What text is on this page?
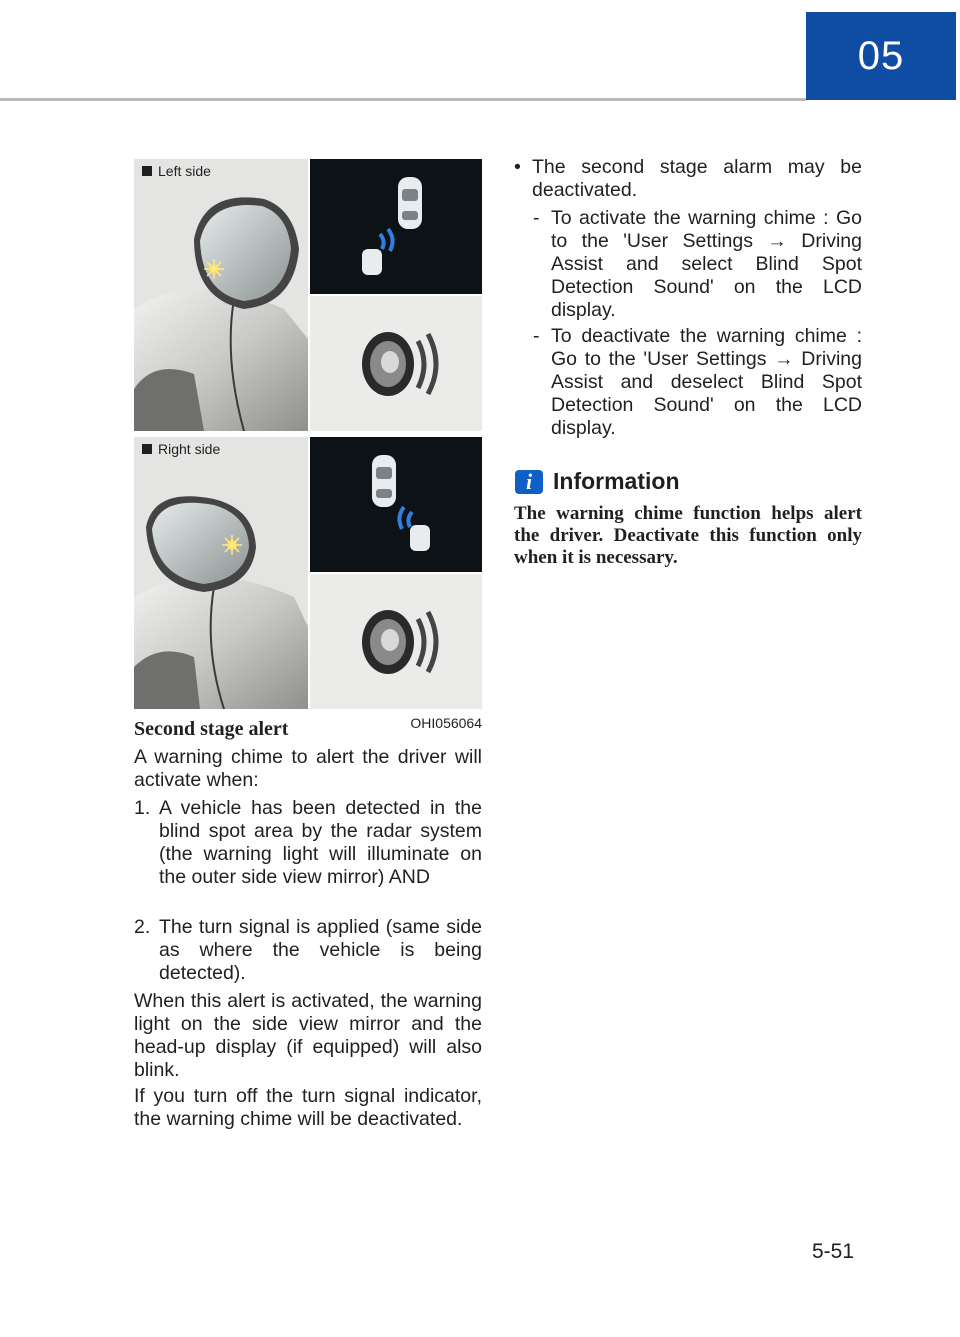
05
Left side
Right side
OHI056064
Second stage alert
A warning chime to alert the driver will activate when:
1. A vehicle has been detected in the blind spot area by the radar system (the warning light will illuminate on the outer side view mirror) AND
2. The turn signal is applied (same side as where the vehicle is being detected).
When this alert is activated, the warning light on the side view mirror and the head-up display (if equipped) will also blink.
If you turn off the turn signal indicator, the warning chime will be deactivated.
• The second stage alarm may be deactivated.
- To activate the warning chime : Go to the 'User Settings → Driving Assist and select Blind Spot Detection Sound' on the LCD display.
- To deactivate the warning chime : Go to the 'User Settings → Driving Assist and deselect Blind Spot Detection Sound' on the LCD display.
i Information
The warning chime function helps alert the driver. Deactivate this function only when it is necessary.
5-51
